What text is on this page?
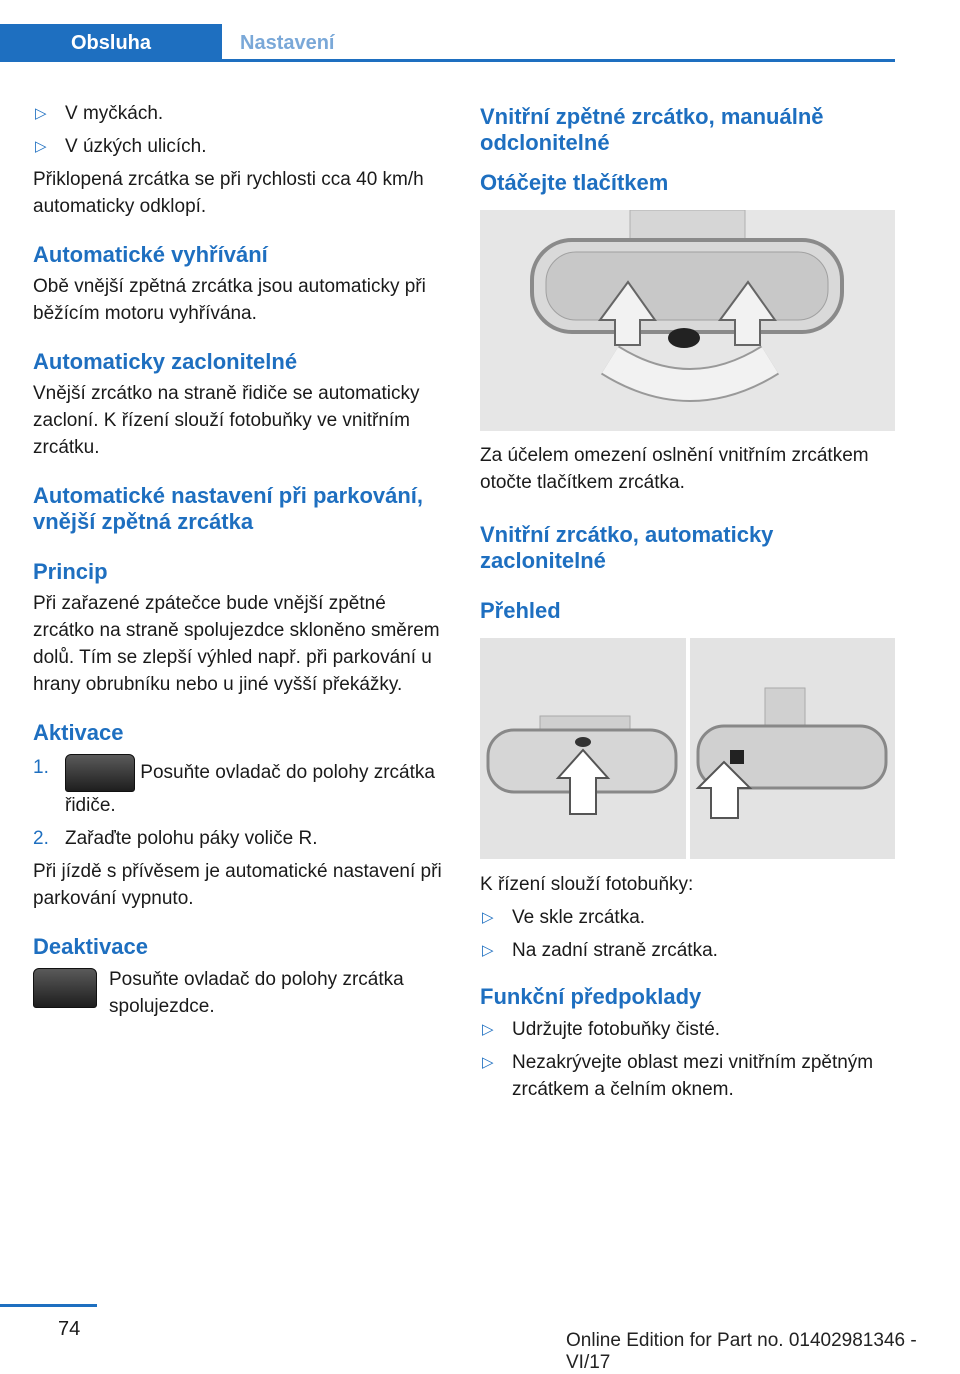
Obsluha	Nastavení
▷ V myčkách.
▷ V úzkých ulicích.

Přiklopená zrcátka se při rychlosti cca 40 km/h automaticky odklopí.

Automatické vyhřívání

Obě vnější zpětná zrcátka jsou automaticky při běžícím motoru vyhřívána.

Automaticky zaclonitelné

Vnější zrcátko na straně řidiče se automaticky zacloní. K řízení slouží fotobuňky ve vnitřním zrcátku.

Automatické nastavení při parkování, vnější zpětná zrcátka

Princip

Při zařazené zpátečce bude vnější zpětné zrcátko na straně spolujezdce skloněno směrem dolů. Tím se zlepší výhled např. při parkování u hrany obrubníku nebo u jiné vyšší překážky.

Aktivace

1.	Posuňte ovladač do polohy zrcátka řidiče.
2. Zařaďte polohu páky voliče R.

Při jízdě s přívěsem je automatické nastavení při parkování vypnuto.

Deaktivace

Posuňte ovladač do polohy zrcátka spolujezdce.

Vnitřní zpětné zrcátko, manuálně odclonitelné

Otáčejte tlačítkem

Za účelem omezení oslnění vnitřním zrcátkem otočte tlačítkem zrcátka.

Vnitřní zrcátko, automaticky zaclonitelné

Přehled

K řízení slouží fotobuňky:

▷ Ve skle zrcátka.
▷ Na zadní straně zrcátka.

Funkční předpoklady

▷ Udržujte fotobuňky čisté.
▷ Nezakrývejte oblast mezi vnitřním zpětným zrcátkem a čelním oknem.
74
Online Edition for Part no. 01402981346 - VI/17
